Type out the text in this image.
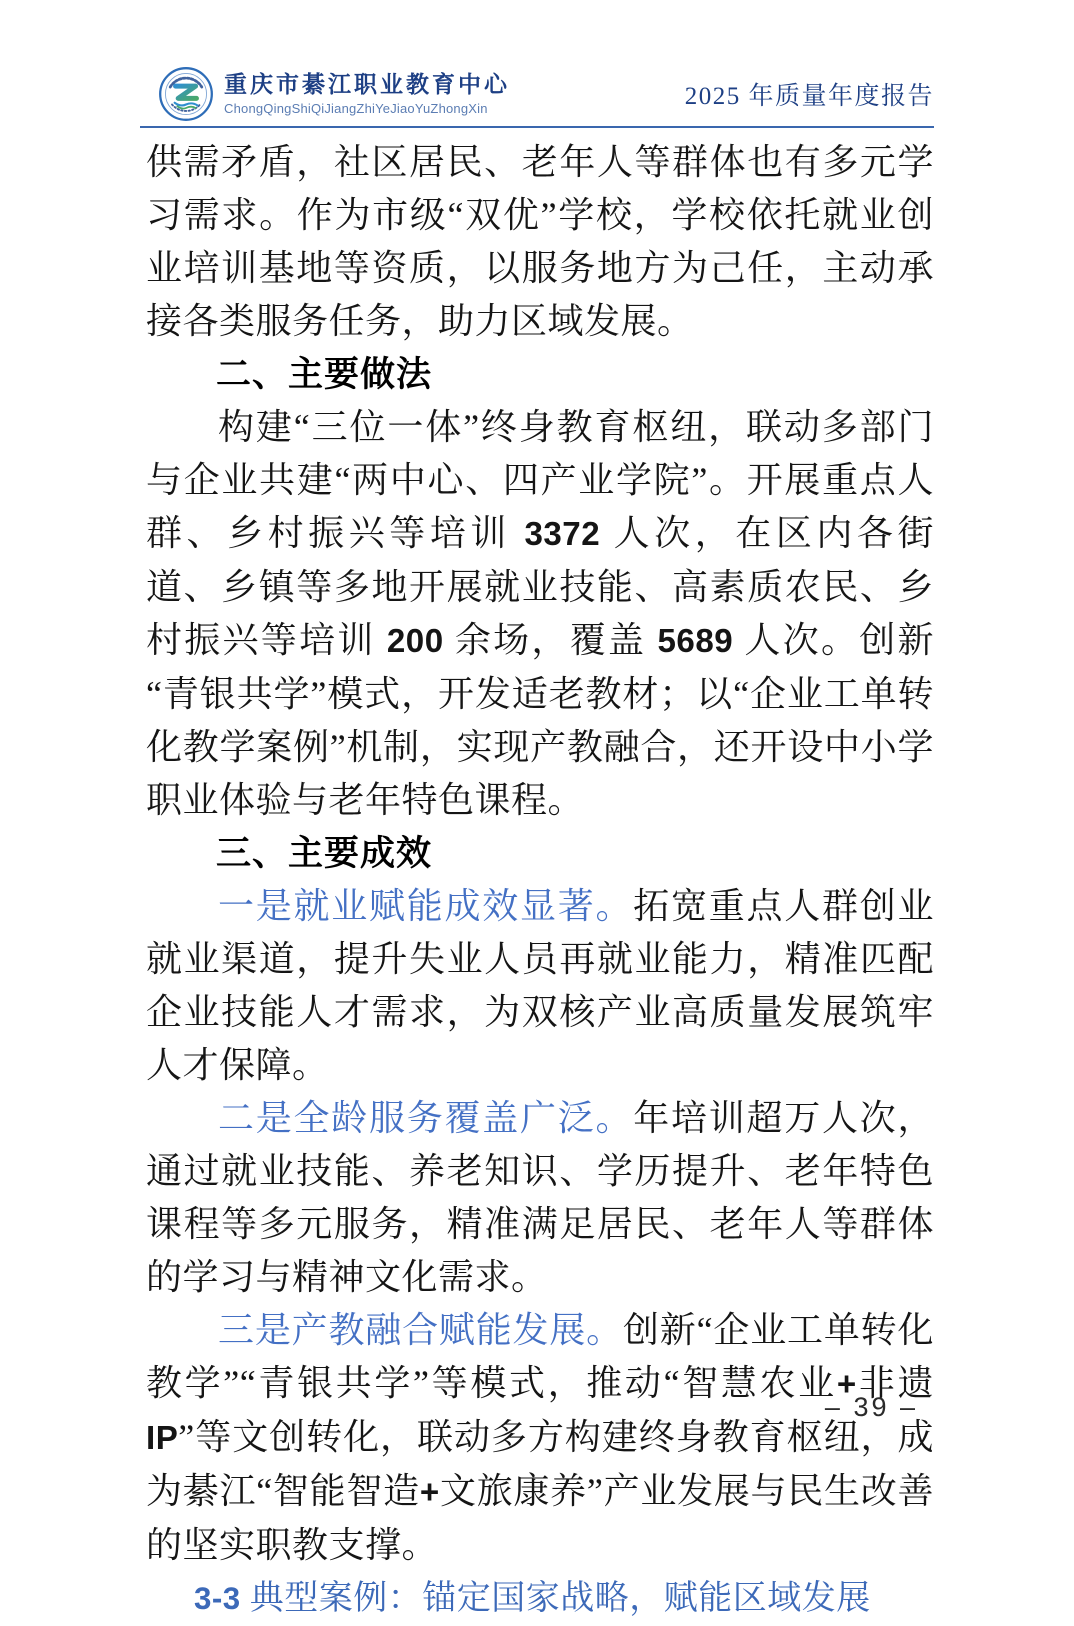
重庆市綦江职业教育中心
ChongQingShiQiJiangZhiYeJiaoYuZhongXin	2025 年质量年度报告

供需矛盾，社区居民、老年人等群体也有多元学习需求。作为市级“双优”学校，学校依托就业创业培训基地等资质，以服务地方为己任，主动承接各类服务任务，助力区域发展。

二、主要做法

构建“三位一体”终身教育枢纽，联动多部门与企业共建“两中心、四产业学院”。开展重点人群、乡村振兴等培训 3372 人次，在区内各街道、乡镇等多地开展就业技能、高素质农民、乡村振兴等培训 200 余场，覆盖 5689 人次。创新“青银共学”模式，开发适老教材；以“企业工单转化教学案例”机制，实现产教融合，还开设中小学职业体验与老年特色课程。

三、主要成效

一是就业赋能成效显著。拓宽重点人群创业就业渠道，提升失业人员再就业能力，精准匹配企业技能人才需求，为双核产业高质量发展筑牢人才保障。

二是全龄服务覆盖广泛。年培训超万人次，通过就业技能、养老知识、学历提升、老年特色课程等多元服务，精准满足居民、老年人等群体的学习与精神文化需求。

三是产教融合赋能发展。创新“企业工单转化教学”“青银共学”等模式，推动“智慧农业+非遗 IP”等文创转化，联动多方构建终身教育枢纽，成为綦江“智能智造+文旅康养”产业发展与民生改善的坚实职教支撑。

3-3 典型案例：锚定国家战略，赋能区域发展

– 39 –
